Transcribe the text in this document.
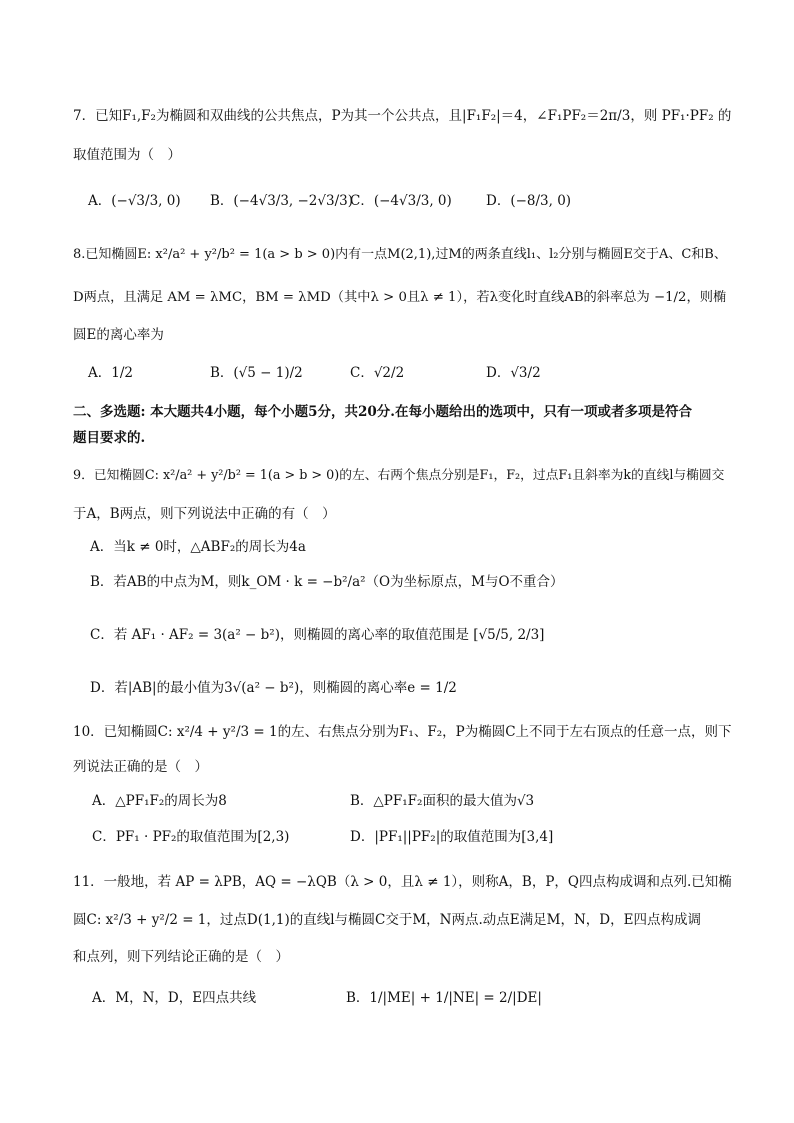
7．已知F₁,F₂为椭圆和双曲线的公共焦点，P为其一个公共点，且|F₁F₂|＝4，∠F₁PF₂＝2π/3，则 PF₁·PF₂ 的
取值范围为（　）
A．(−√3/3, 0) B．(−4√3/3, −2√3/3)
C．(−4√3/3, 0)	D．(−8/3, 0)
8.已知椭圆E: x²/a² + y²/b² = 1(a > b > 0)内有一点M(2,1),过M的两条直线l₁、l₂分别与椭圆E交于A、C和B、
D两点，且满足 AM = λMC，BM = λMD（其中λ > 0且λ ≠ 1），若λ变化时直线AB的斜率总为 −1/2，则椭
圆E的离心率为
A．1/2	B．(√5 − 1)/2	C．√2/2	D．√3/2
二、多选题: 本大题共4小题，每个小题5分，共20分.在每小题给出的选项中，只有一项或者多项是符合
题目要求的.
9．已知椭圆C: x²/a² + y²/b² = 1(a > b > 0)的左、右两个焦点分别是F₁，F₂，过点F₁且斜率为k的直线l与椭圆交
于A，B两点，则下列说法中正确的有（　）
A．当k ≠ 0时，△ABF₂的周长为4a
B．若AB的中点为M，则k_OM · k = −b²/a²（O为坐标原点，M与O不重合）
C．若 AF₁ · AF₂ = 3(a² − b²)，则椭圆的离心率的取值范围是 [√5/5, 2/3]
D．若|AB|的最小值为3√(a² − b²)，则椭圆的离心率e = 1/2
10．已知椭圆C: x²/4 + y²/3 = 1的左、右焦点分别为F₁、F₂，P为椭圆C上不同于左右顶点的任意一点，则下
列说法正确的是（　）
A．△PF₁F₂的周长为8	B．△PF₁F₂面积的最大值为√3
C．PF₁ · PF₂的取值范围为[2,3)	D．|PF₁||PF₂|的取值范围为[3,4]
11．一般地，若 AP = λPB，AQ = −λQB（λ > 0，且λ ≠ 1），则称A，B，P，Q四点构成调和点列.已知椭
圆C: x²/3 + y²/2 = 1，过点D(1,1)的直线l与椭圆C交于M，N两点.动点E满足M，N，D，E四点构成调
和点列，则下列结论正确的是（　）
A．M，N，D，E四点共线	B．1/|ME| + 1/|NE| = 2/|DE|
